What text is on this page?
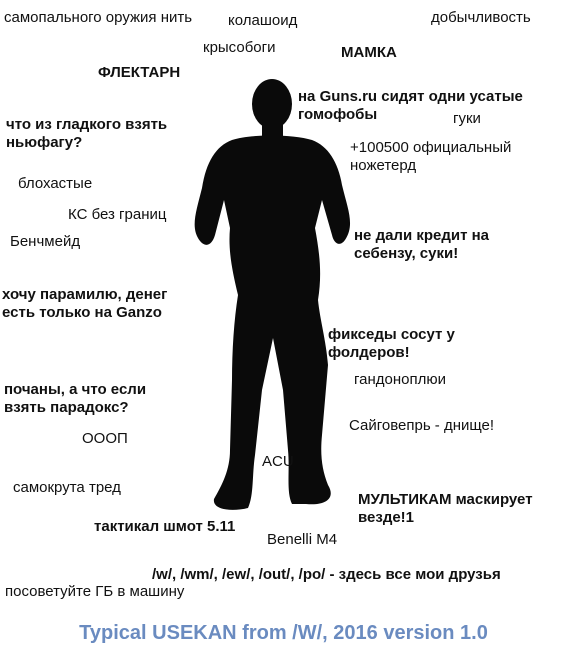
самопального оружия нить колашоид	добычливость
крысобоги	МАМКА
ФЛЕКТАРН
на Guns.ru сидят одни усатые гомофобы	гуки
что из гладкого взять ньюфагу?	+100500 официальный ножетерд
блохастые
КС без границ
не дали кредит на себензу, суки!
Бенчмейд
хочу парамилю, денег есть только на Ganzo
фикседы сосут у фолдеров!
гандоноплюи
почаны, а что если взять парадокс?
Сайговепрь - днище!
ОООП
ACU
самокрута тред
МУЛЬТИКАМ маскирует везде!1
тактикал шмот 5.11
Benelli M4
/w/, /wm/, /ew/, /out/, /po/ - здесь все мои друзья
посоветуйте ГБ в машину
Typical USEKAN from /W/, 2016 version 1.0
